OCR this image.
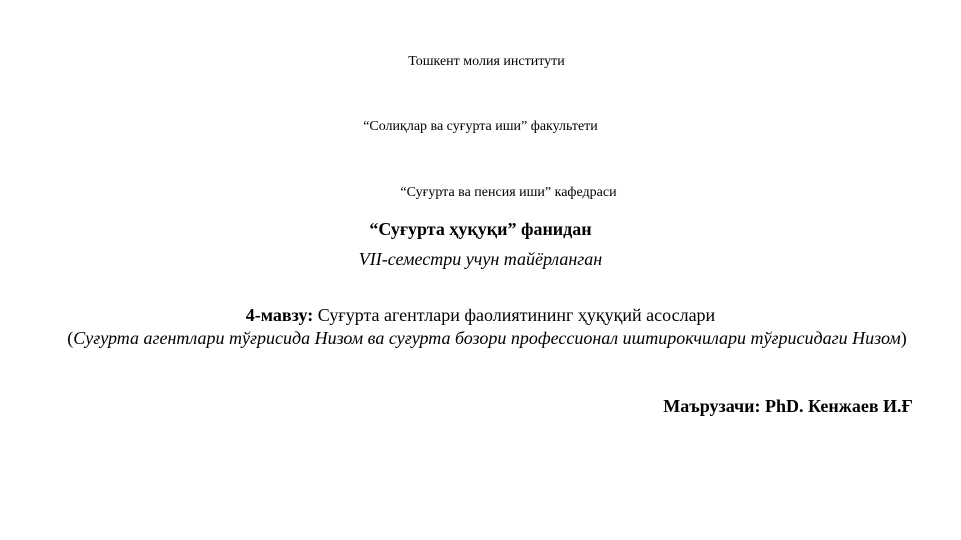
Тошкент молия институти
“Солиқлар ва суғурта иши” факультети
“Суғурта ва пенсия иши” кафедраси
“Суғурта ҳуқуқи” фанидан
VII-семестри учун тайёрланган
4-мавзу: Суғурта агентлари фаолиятининг ҳуқуқий асослари
(Суғурта агентлари тўғрисида Низом ва суғурта бозори профессионал иштирокчилари тўғрисидаги Низом)
Маърузачи: PhD. Кенжаев И.Ғ
